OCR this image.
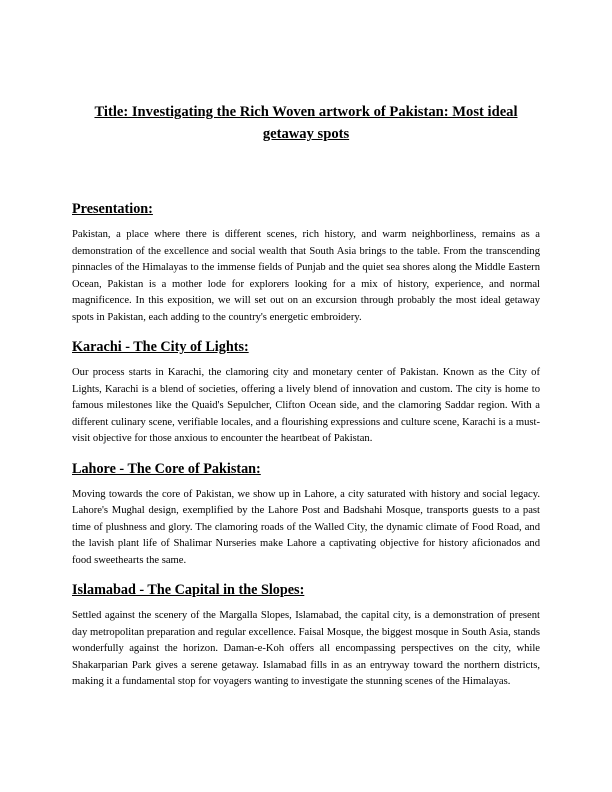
Title: Investigating the Rich Woven artwork of Pakistan: Most ideal getaway spots
Presentation:

Pakistan, a place where there is different scenes, rich history, and warm neighborliness, remains as a demonstration of the excellence and social wealth that South Asia brings to the table. From the transcending pinnacles of the Himalayas to the immense fields of Punjab and the quiet sea shores along the Middle Eastern Ocean, Pakistan is a mother lode for explorers looking for a mix of history, experience, and normal magnificence. In this exposition, we will set out on an excursion through probably the most ideal getaway spots in Pakistan, each adding to the country's energetic embroidery.

Karachi - The City of Lights:

Our process starts in Karachi, the clamoring city and monetary center of Pakistan. Known as the City of Lights, Karachi is a blend of societies, offering a lively blend of innovation and custom. The city is home to famous milestones like the Quaid's Sepulcher, Clifton Ocean side, and the clamoring Saddar region. With a different culinary scene, verifiable locales, and a flourishing expressions and culture scene, Karachi is a must-visit objective for those anxious to encounter the heartbeat of Pakistan.

Lahore - The Core of Pakistan:

Moving towards the core of Pakistan, we show up in Lahore, a city saturated with history and social legacy. Lahore's Mughal design, exemplified by the Lahore Post and Badshahi Mosque, transports guests to a past time of plushness and glory. The clamoring roads of the Walled City, the dynamic climate of Food Road, and the lavish plant life of Shalimar Nurseries make Lahore a captivating objective for history aficionados and food sweethearts the same.

Islamabad - The Capital in the Slopes:

Settled against the scenery of the Margalla Slopes, Islamabad, the capital city, is a demonstration of present day metropolitan preparation and regular excellence. Faisal Mosque, the biggest mosque in South Asia, stands wonderfully against the horizon. Daman-e-Koh offers all encompassing perspectives on the city, while Shakarparian Park gives a serene getaway. Islamabad fills in as an entryway toward the northern districts, making it a fundamental stop for voyagers wanting to investigate the stunning scenes of the Himalayas.
